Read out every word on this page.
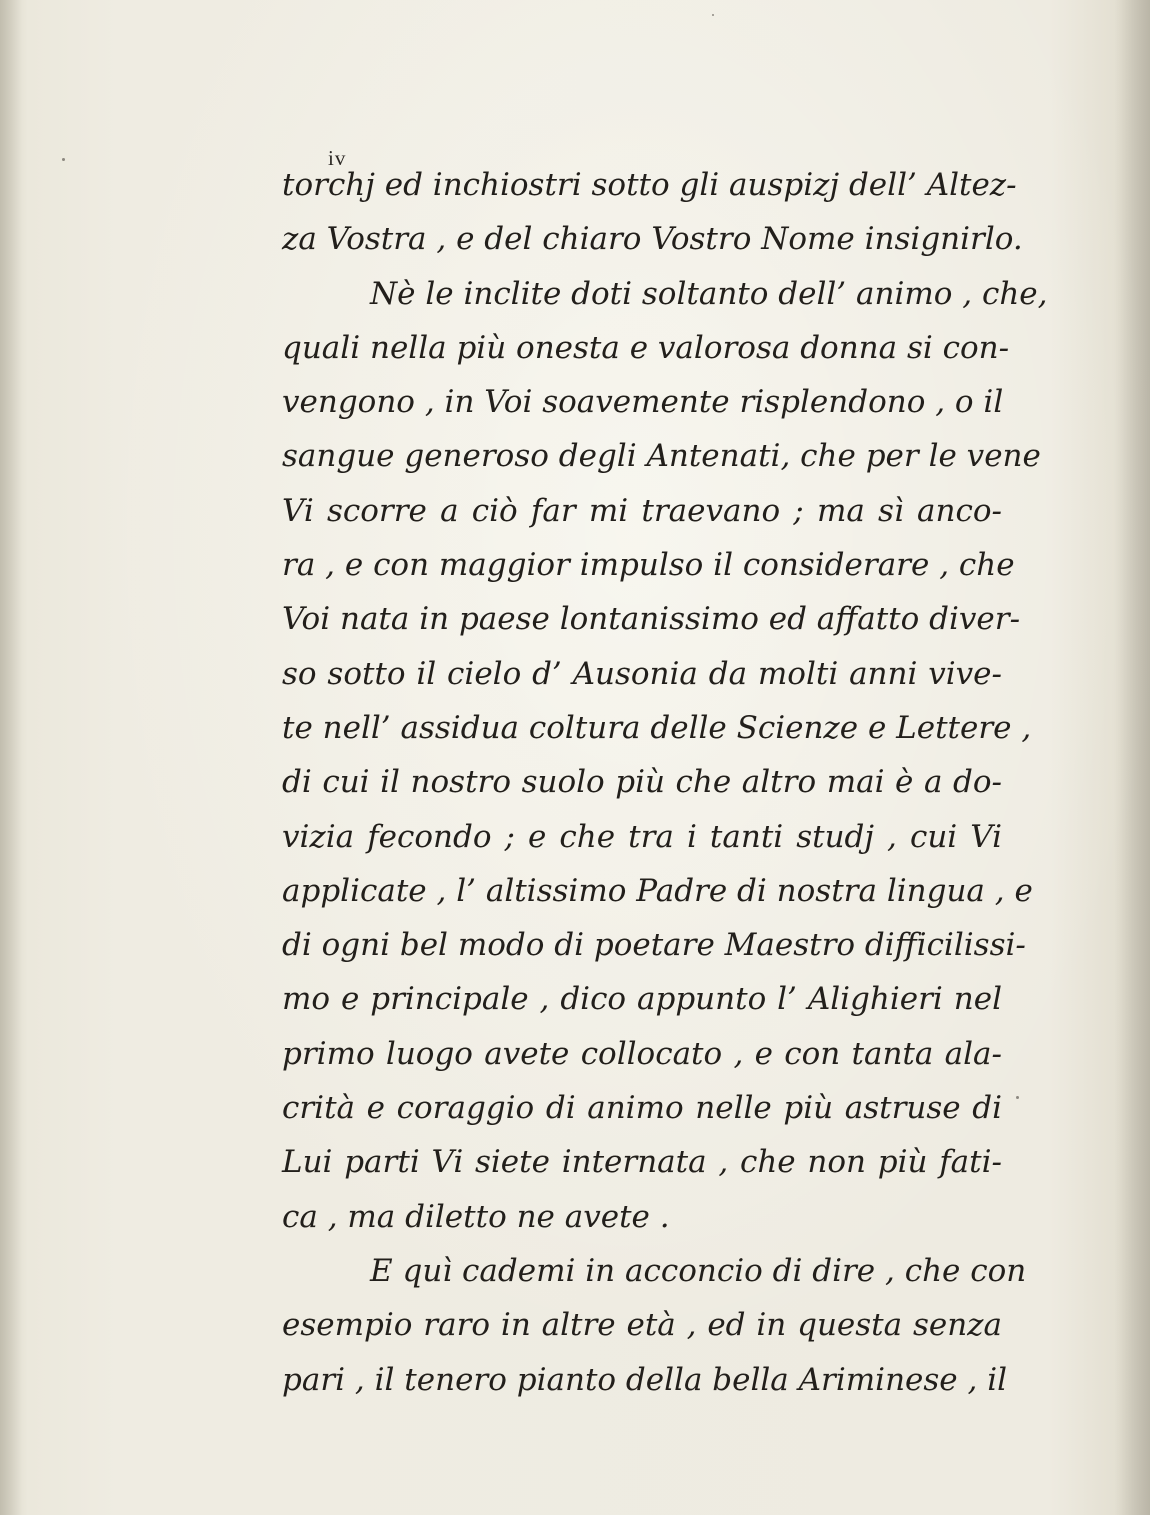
iv
torchj ed inchiostri sotto gli auspizj dell’ Altez-
za Vostra , e del chiaro Vostro Nome insignirlo.
Nè le inclite doti soltanto dell’ animo , che,
quali nella più onesta e valorosa donna si con-
vengono , in Voi soavemente risplendono , o il
sangue generoso degli Antenati, che per le vene
Vi scorre a ciò far mi traevano ; ma sì anco-
ra , e con maggior impulso il considerare , che
Voi nata in paese lontanissimo ed affatto diver-
so sotto il cielo d’ Ausonia da molti anni vive-
te nell’ assidua coltura delle Scienze e Lettere ,
di cui il nostro suolo più che altro mai è a do-
vizia fecondo ; e che tra i tanti studj , cui Vi
applicate , l’ altissimo Padre di nostra lingua , e
di ogni bel modo di poetare Maestro difficilissi-
mo e principale , dico appunto l’ Alighieri nel
primo luogo avete collocato , e con tanta ala-
crità e coraggio di animo nelle più astruse di
Lui parti Vi siete internata , che non più fati-
ca , ma diletto ne avete .
E quì cademi in acconcio di dire , che con
esempio raro in altre età , ed in questa senza
pari , il tenero pianto della bella Ariminese , il
